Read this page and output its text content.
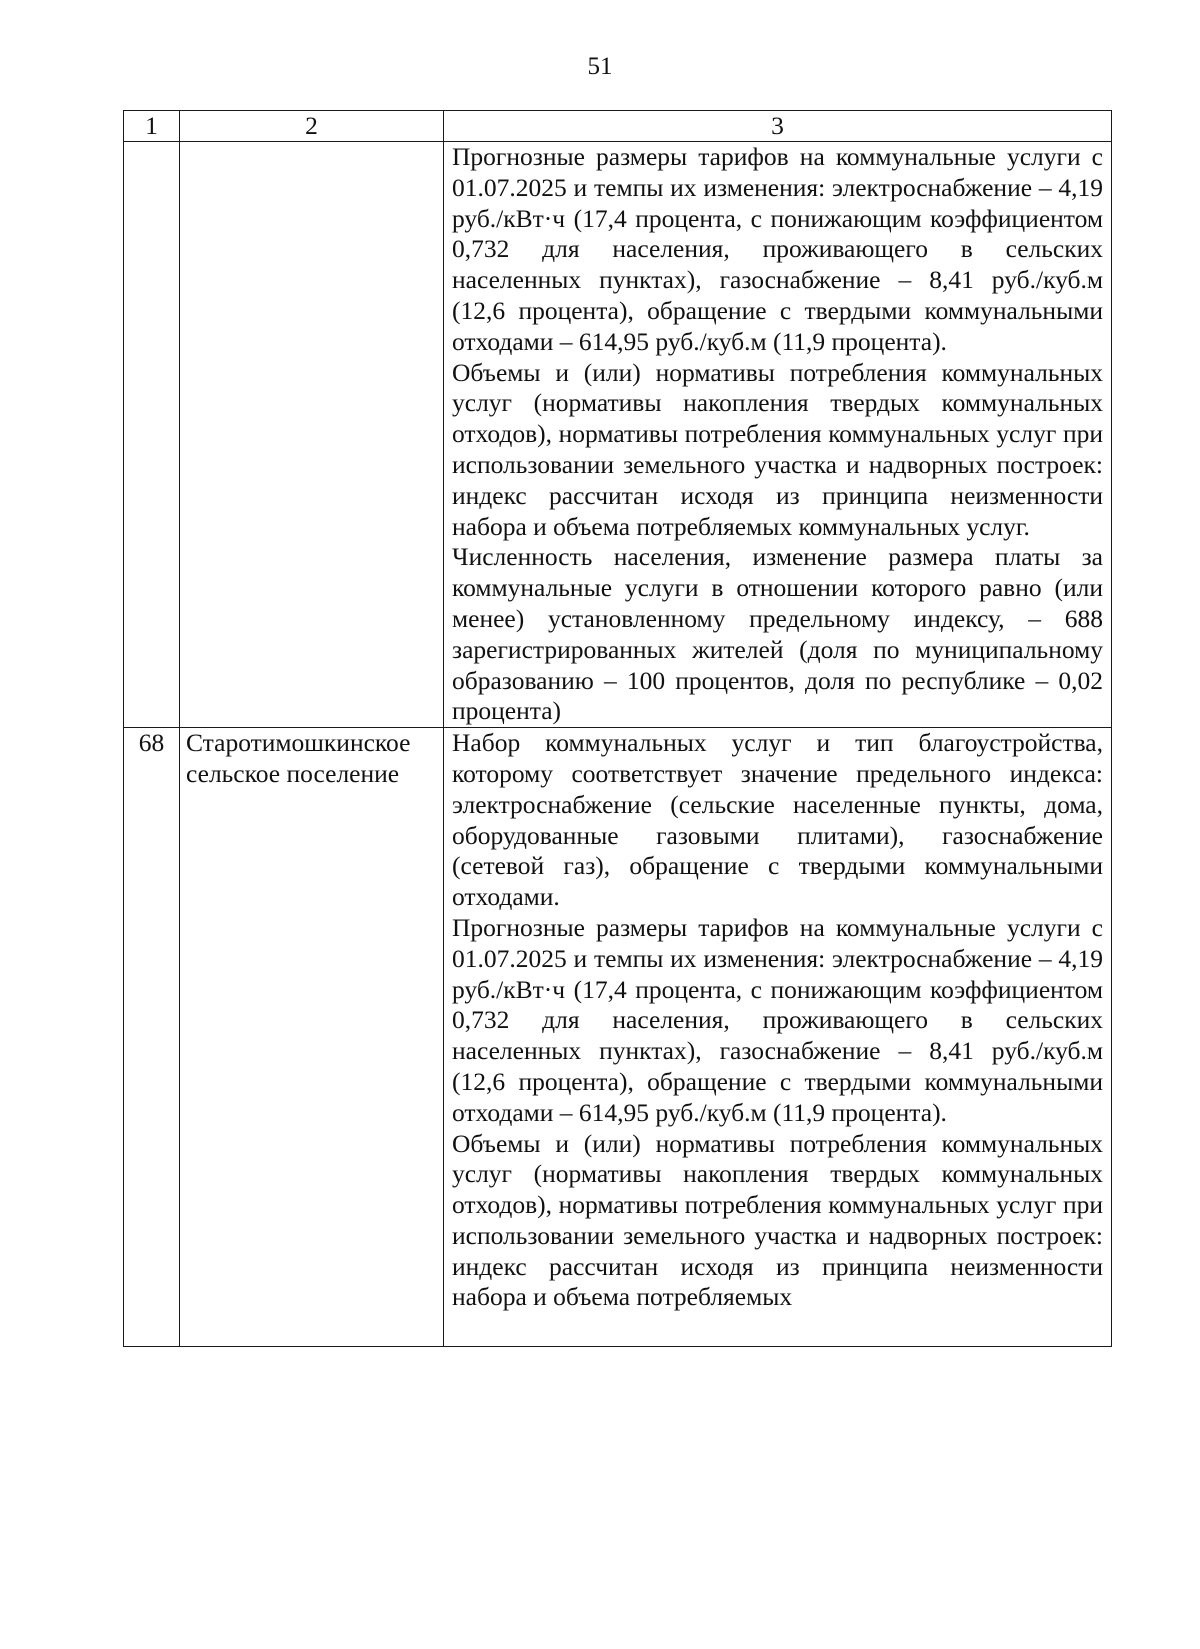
51
1	2	3

		Прогнозные размеры тарифов на коммунальные услуги с 01.07.2025 и темпы их изменения: электроснабжение – 4,19 руб./кВт·ч (17,4 процента, с понижающим коэффициентом 0,732 для населения, проживающего в сельских населенных пунктах), газоснабжение – 8,41 руб./куб.м (12,6 процента), обращение с твердыми коммунальными отходами – 614,95 руб./куб.м (11,9 процента).

Объемы и (или) нормативы потребления коммунальных услуг (нормативы накопления твердых коммунальных отходов), нормативы потребления коммунальных услуг при использовании земельного участка и надворных построек: индекс рассчитан исходя из принципа неизменности набора и объема потребляемых коммунальных услуг.

Численность населения, изменение размера платы за коммунальные услуги в отношении которого равно (или менее) установленному предельному индексу, – 688 зарегистрированных жителей (доля по муниципальному образованию – 100 процентов, доля по республике – 0,02 процента)

68	Старотимошкинское сельское поселение	Набор коммунальных услуг и тип благоустройства, которому соответствует значение предельного индекса: электроснабжение (сельские населенные пункты, дома, оборудованные газовыми плитами), газоснабжение (сетевой газ), обращение с твердыми коммунальными отходами.

Прогнозные размеры тарифов на коммунальные услуги с 01.07.2025 и темпы их изменения: электроснабжение – 4,19 руб./кВт·ч (17,4 процента, с понижающим коэффициентом 0,732 для населения, проживающего в сельских населенных пунктах), газоснабжение – 8,41 руб./куб.м (12,6 процента), обращение с твердыми коммунальными отходами – 614,95 руб./куб.м (11,9 процента).

Объемы и (или) нормативы потребления коммунальных услуг (нормативы накопления твердых коммунальных отходов), нормативы потребления коммунальных услуг при использовании земельного участка и надворных построек: индекс рассчитан исходя из принципа неизменности набора и объема потребляемых
